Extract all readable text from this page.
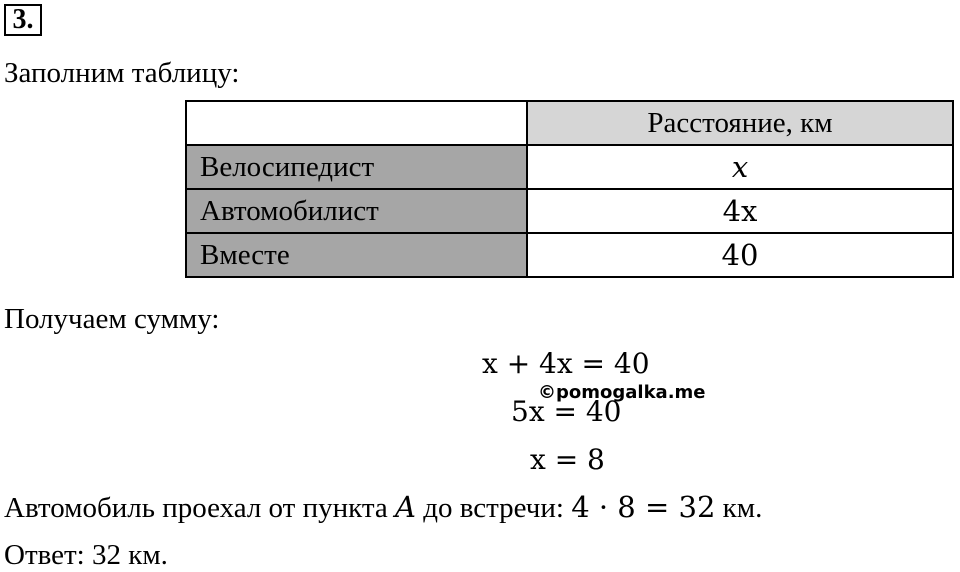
3.
Заполним таблицу:
	Расстояние, км
Велосипедист	x
Автомобилист	4x
Вместе	40
Получаем сумму:
x + 4x = 40
©pomogalka.me
5x = 40
x = 8
Автомобиль проехал от пункта A до встречи: 4 · 8 = 32 км.
Ответ: 32 км.
